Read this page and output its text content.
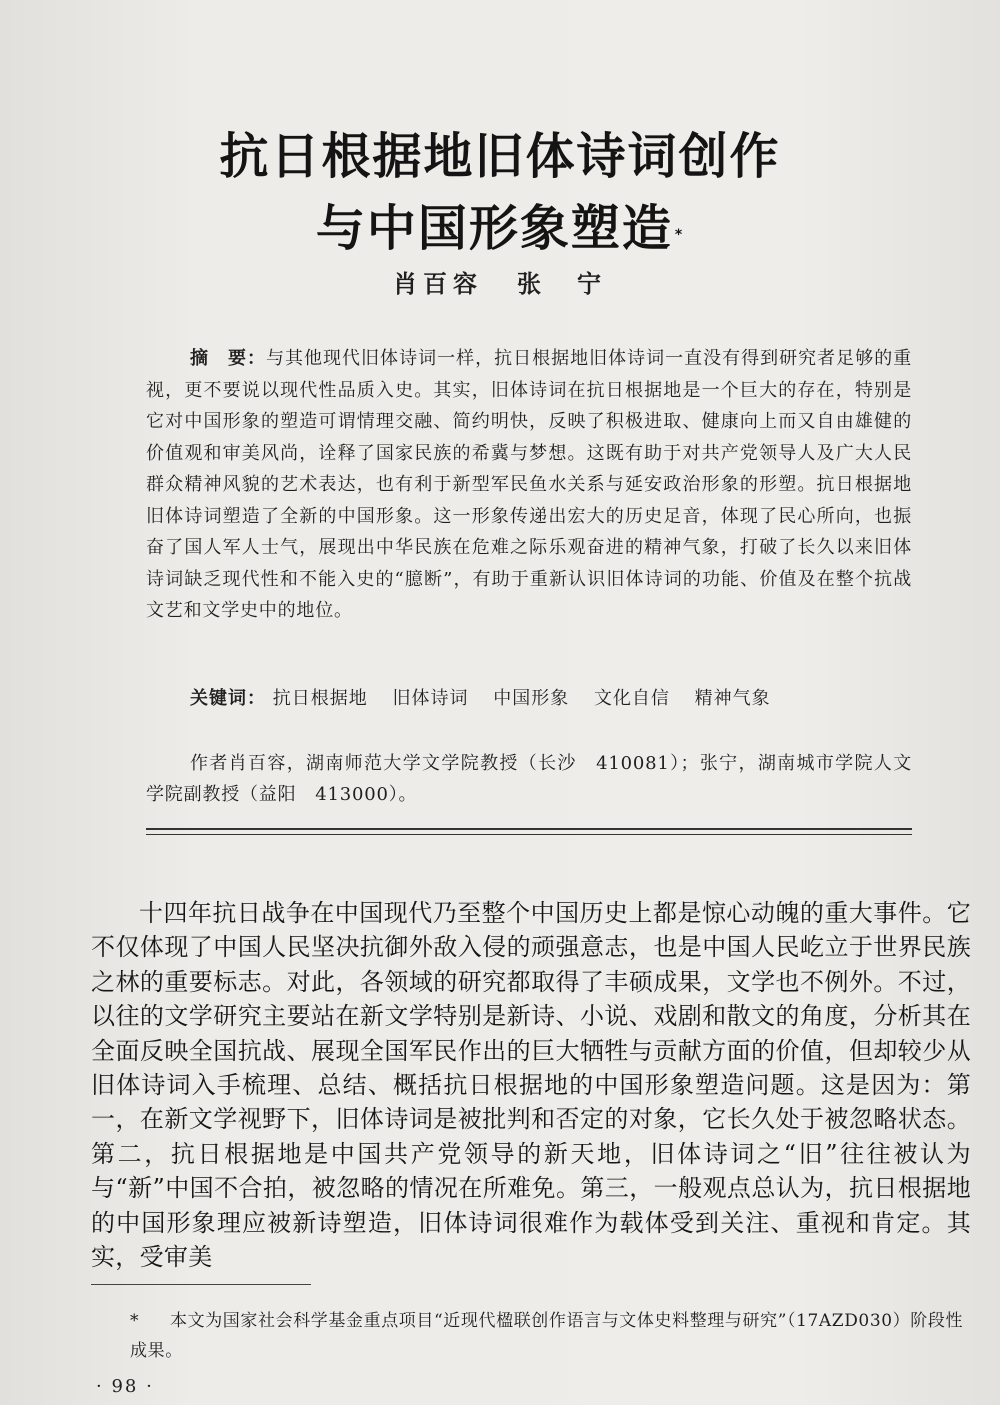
抗日根据地旧体诗词创作
与中国形象塑造 *
肖百容 张　宁

摘　要：与其他现代旧体诗词一样，抗日根据地旧体诗词一直没有得到研究者足够的重视，更不要说以现代性品质入史。其实，旧体诗词在抗日根据地是一个巨大的存在，特别是它对中国形象的塑造可谓情理交融、简约明快，反映了积极进取、健康向上而又自由雄健的价值观和审美风尚，诠释了国家民族的希冀与梦想。这既有助于对共产党领导人及广大人民群众精神风貌的艺术表达，也有利于新型军民鱼水关系与延安政治形象的形塑。抗日根据地旧体诗词塑造了全新的中国形象。这一形象传递出宏大的历史足音，体现了民心所向，也振奋了国人军人士气，展现出中华民族在危难之际乐观奋进的精神气象，打破了长久以来旧体诗词缺乏现代性和不能入史的“臆断”，有助于重新认识旧体诗词的功能、价值及在整个抗战文艺和文学史中的地位。

关键词： 抗日根据地 旧体诗词 中国形象 文化自信 精神气象

作者肖百容，湖南师范大学文学院教授（长沙　410081）；张宁，湖南城市学院人文学院副教授（益阳　413000）。

十四年抗日战争在中国现代乃至整个中国历史上都是惊心动魄的重大事件。它不仅体现了中国人民坚决抗御外敌入侵的顽强意志，也是中国人民屹立于世界民族之林的重要标志。对此，各领域的研究都取得了丰硕成果，文学也不例外。不过，以往的文学研究主要站在新文学特别是新诗、小说、戏剧和散文的角度，分析其在全面反映全国抗战、展现全国军民作出的巨大牺牲与贡献方面的价值，但却较少从旧体诗词入手梳理、总结、概括抗日根据地的中国形象塑造问题。这是因为：第一，在新文学视野下，旧体诗词是被批判和否定的对象，它长久处于被忽略状态。第二，抗日根据地是中国共产党领导的新天地，旧体诗词之“旧”往往被认为与“新”中国不合拍，被忽略的情况在所难免。第三，一般观点总认为，抗日根据地的中国形象理应被新诗塑造，旧体诗词很难作为载体受到关注、重视和肯定。其实，受审美

* 本文为国家社会科学基金重点项目“近现代楹联创作语言与文体史料整理与研究”（17AZD030）阶段性成果。

· 98 ·
